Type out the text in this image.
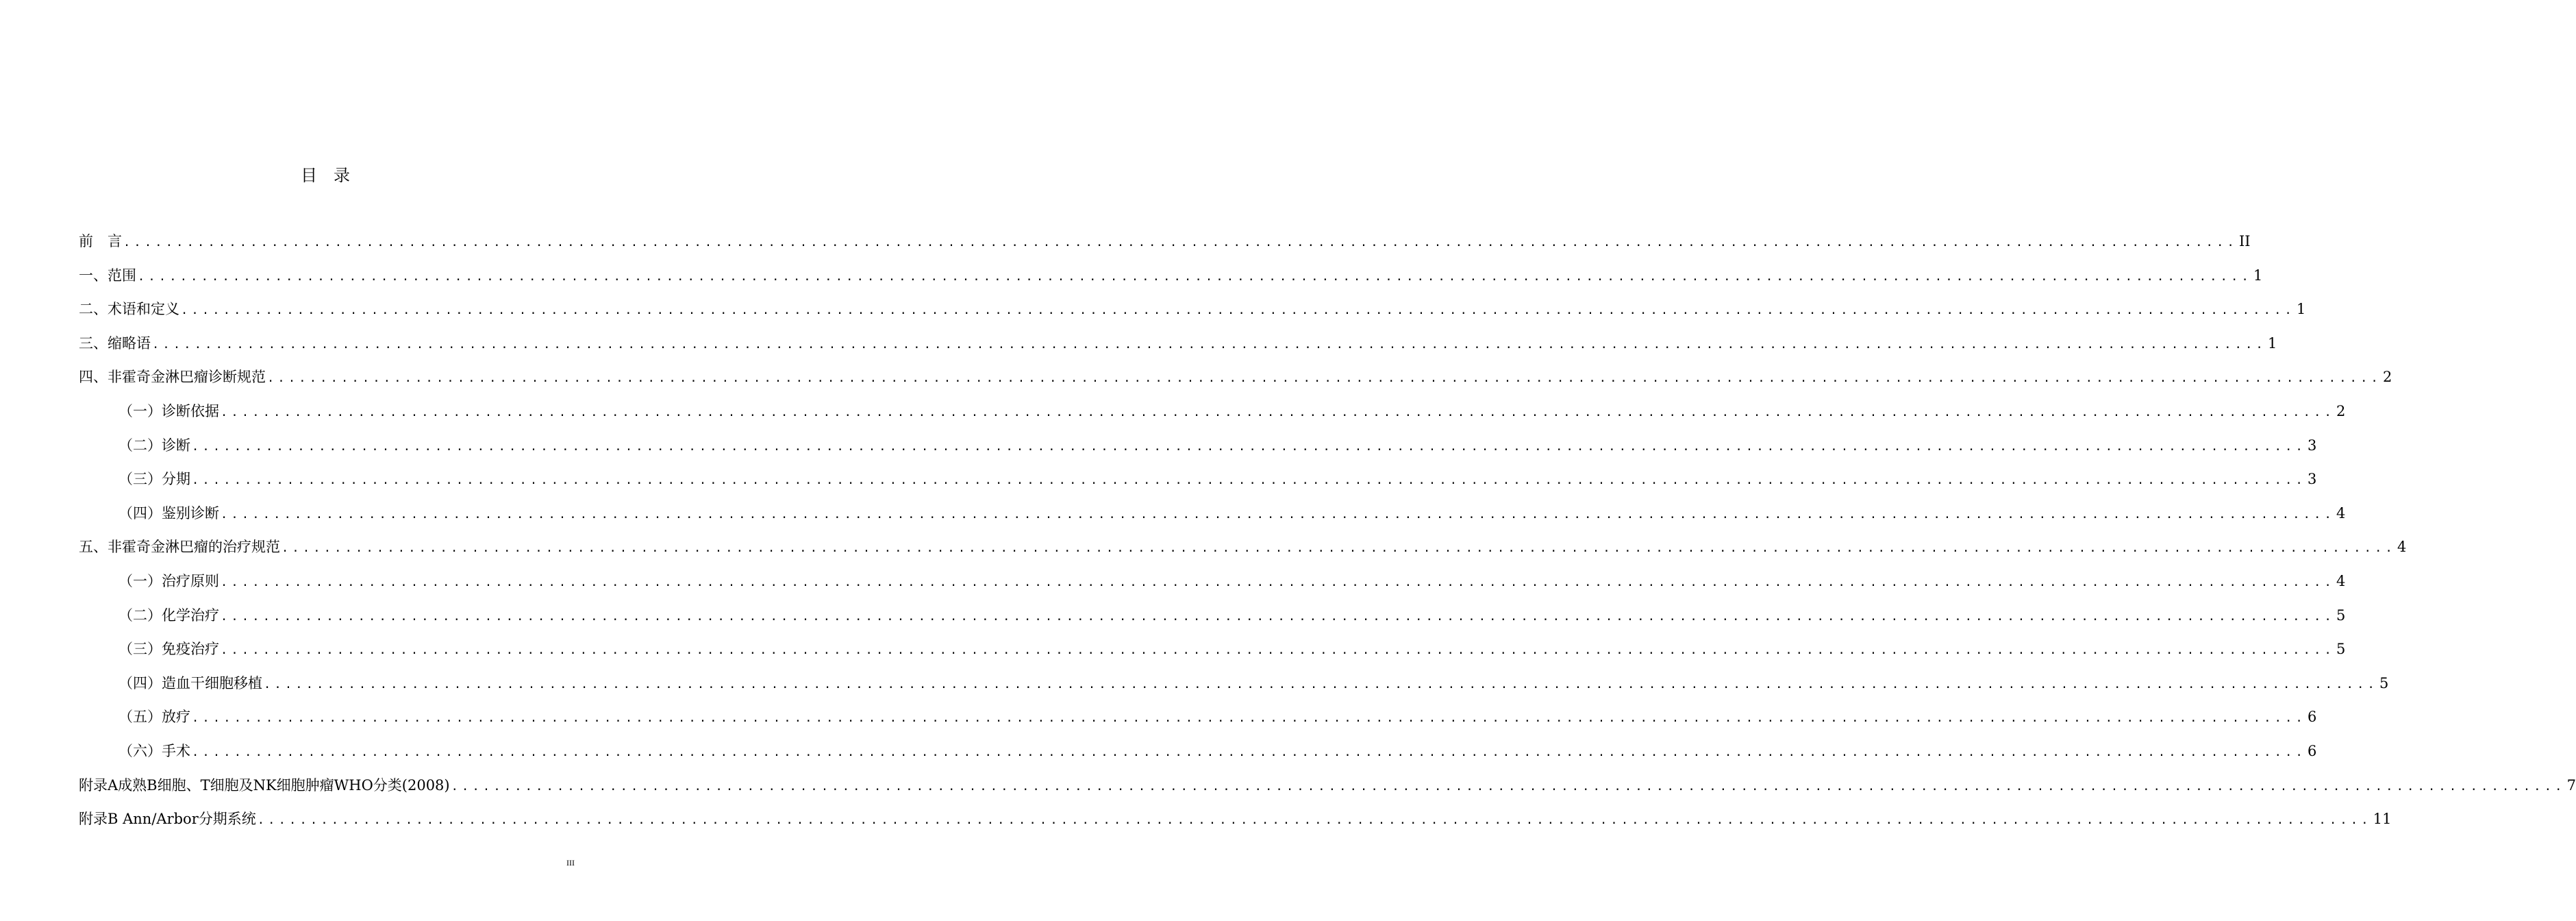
目录
前　言 ........................................................................................................................................................................................................ II
一、范围 ........................................................................................................................................................................................................ 1
二、术语和定义 ........................................................................................................................................................................................................ 1
三、缩略语 ........................................................................................................................................................................................................ 1
四、非霍奇金淋巴瘤诊断规范 ........................................................................................................................................................................................................ 2
（一）诊断依据 ........................................................................................................................................................................................................ 2
（二）诊断 ........................................................................................................................................................................................................ 3
（三）分期 ........................................................................................................................................................................................................ 3
（四）鉴别诊断 ........................................................................................................................................................................................................ 4
五、非霍奇金淋巴瘤的治疗规范 ........................................................................................................................................................................................................ 4
（一）治疗原则 ........................................................................................................................................................................................................ 4
（二）化学治疗 ........................................................................................................................................................................................................ 5
（三）免疫治疗 ........................................................................................................................................................................................................ 5
（四）造血干细胞移植 ........................................................................................................................................................................................................ 5
（五）放疗 ........................................................................................................................................................................................................ 6
（六）手术 ........................................................................................................................................................................................................ 6
附录A成熟B细胞、T细胞及NK细胞肿瘤WHO分类(2008) ........................................................................................................................................................................................................ 7
附录B Ann/Arbor分期系统 ........................................................................................................................................................................................................ 11
III
